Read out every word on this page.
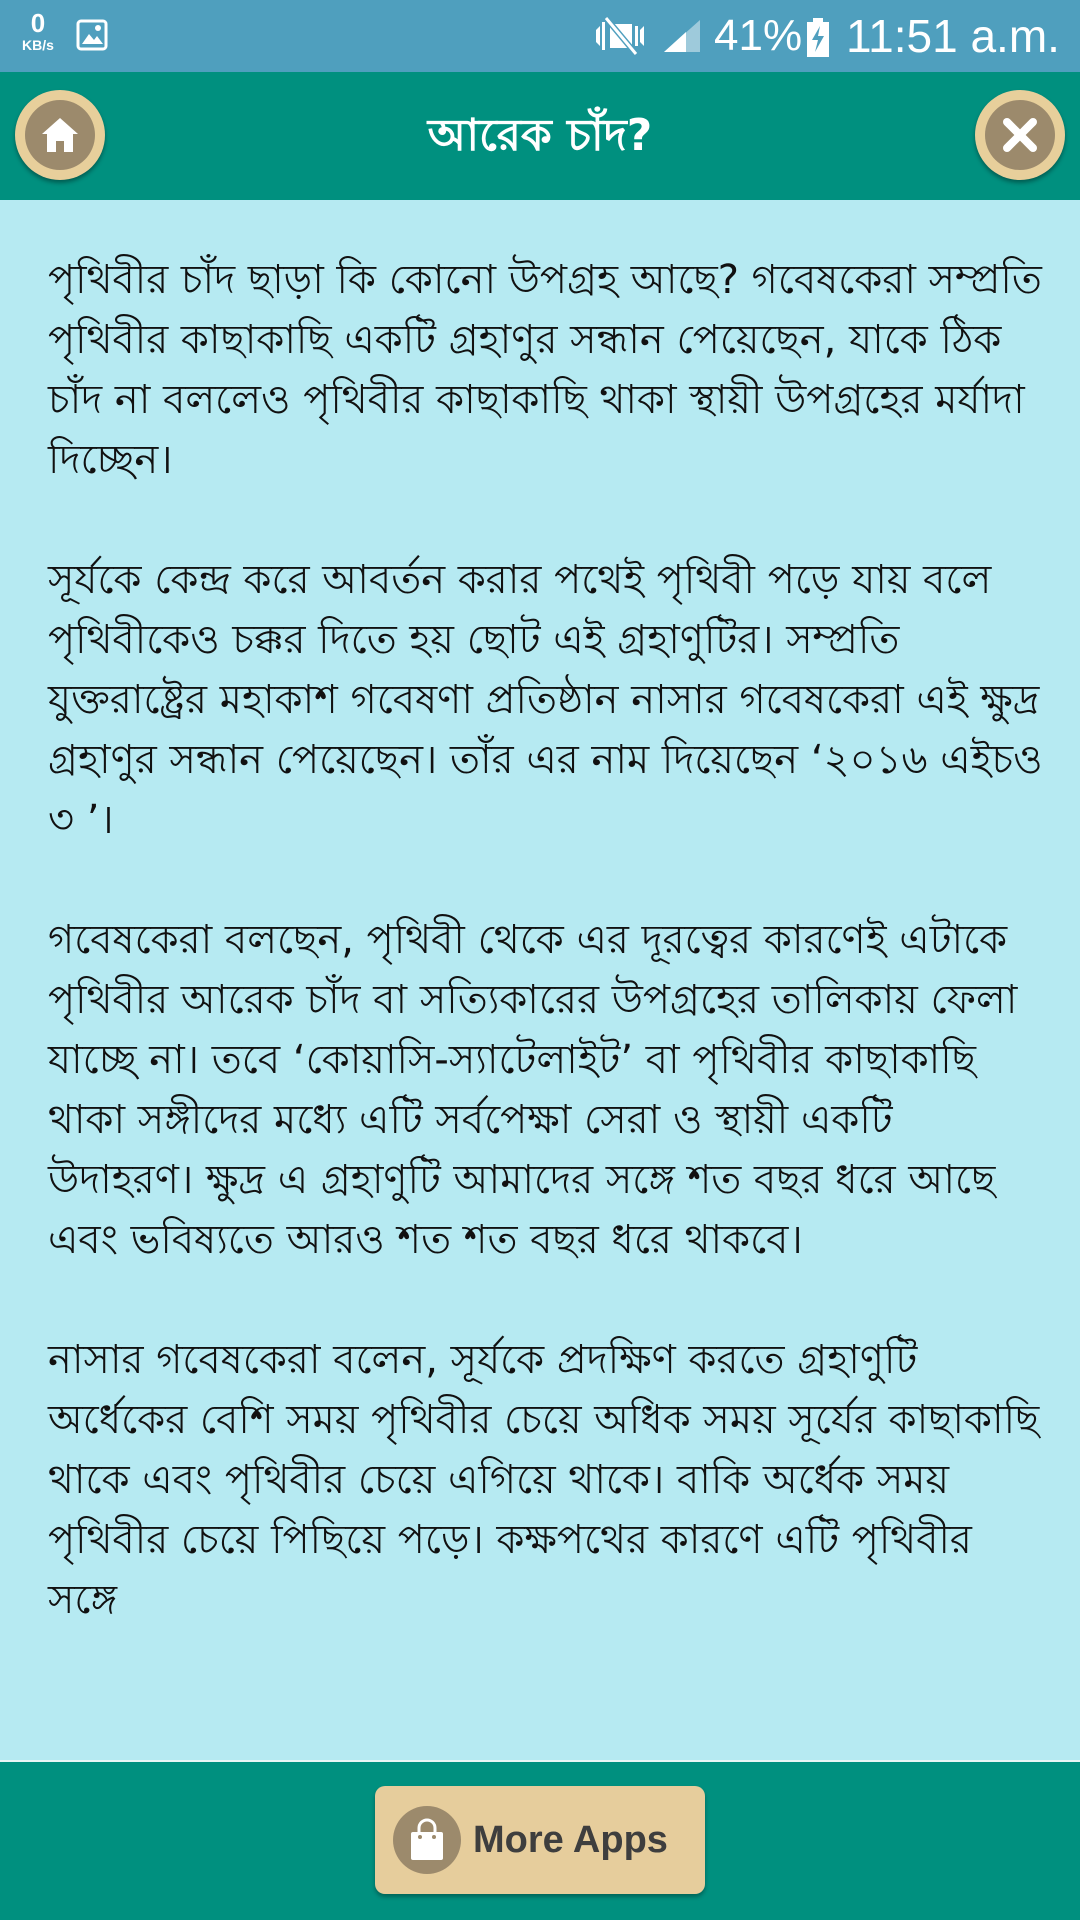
0
KB/s	41% 11:51 a.m.
আরেক চাঁদ?

পৃথিবীর চাঁদ ছাড়া কি কোনো উপগ্রহ আছে? গবেষকেরা সম্প্রতি পৃথিবীর কাছাকাছি একটি গ্রহাণুর সন্ধান পেয়েছেন, যাকে ঠিক চাঁদ না বললেও পৃথিবীর কাছাকাছি থাকা স্থায়ী উপগ্রহের মর্যাদা দিচ্ছেন।

সূর্যকে কেন্দ্র করে আবর্তন করার পথেই পৃথিবী পড়ে যায় বলে পৃথিবীকেও চক্কর দিতে হয় ছোট এই গ্রহাণুটির। সম্প্রতি যুক্তরাষ্ট্রের মহাকাশ গবেষণা প্রতিষ্ঠান নাসার গবেষকেরা এই ক্ষুদ্র গ্রহাণুর সন্ধান পেয়েছেন। তাঁর এর নাম দিয়েছেন ‘২০১৬ এইচও ৩ ’।

গবেষকেরা বলছেন, পৃথিবী থেকে এর দূরত্বের কারণেই এটাকে পৃথিবীর আরেক চাঁদ বা সত্যিকারের উপগ্রহের তালিকায় ফেলা যাচ্ছে না। তবে ‘কোয়াসি-স্যাটেলাইট’ বা পৃথিবীর কাছাকাছি থাকা সঙ্গীদের মধ্যে এটি সর্বপেক্ষা সেরা ও স্থায়ী একটি উদাহরণ। ক্ষুদ্র এ গ্রহাণুটি আমাদের সঙ্গে শত বছর ধরে আছে এবং ভবিষ্যতে আরও শত শত বছর ধরে থাকবে।

নাসার গবেষকেরা বলেন, সূর্যকে প্রদক্ষিণ করতে গ্রহাণুটি অর্ধেকের বেশি সময় পৃথিবীর চেয়ে অধিক সময় সূর্যের কাছাকাছি থাকে এবং পৃথিবীর চেয়ে এগিয়ে থাকে। বাকি অর্ধেক সময় পৃথিবীর চেয়ে পিছিয়ে পড়ে। কক্ষপথের কারণে এটি পৃথিবীর সঙ্গে

More Apps
